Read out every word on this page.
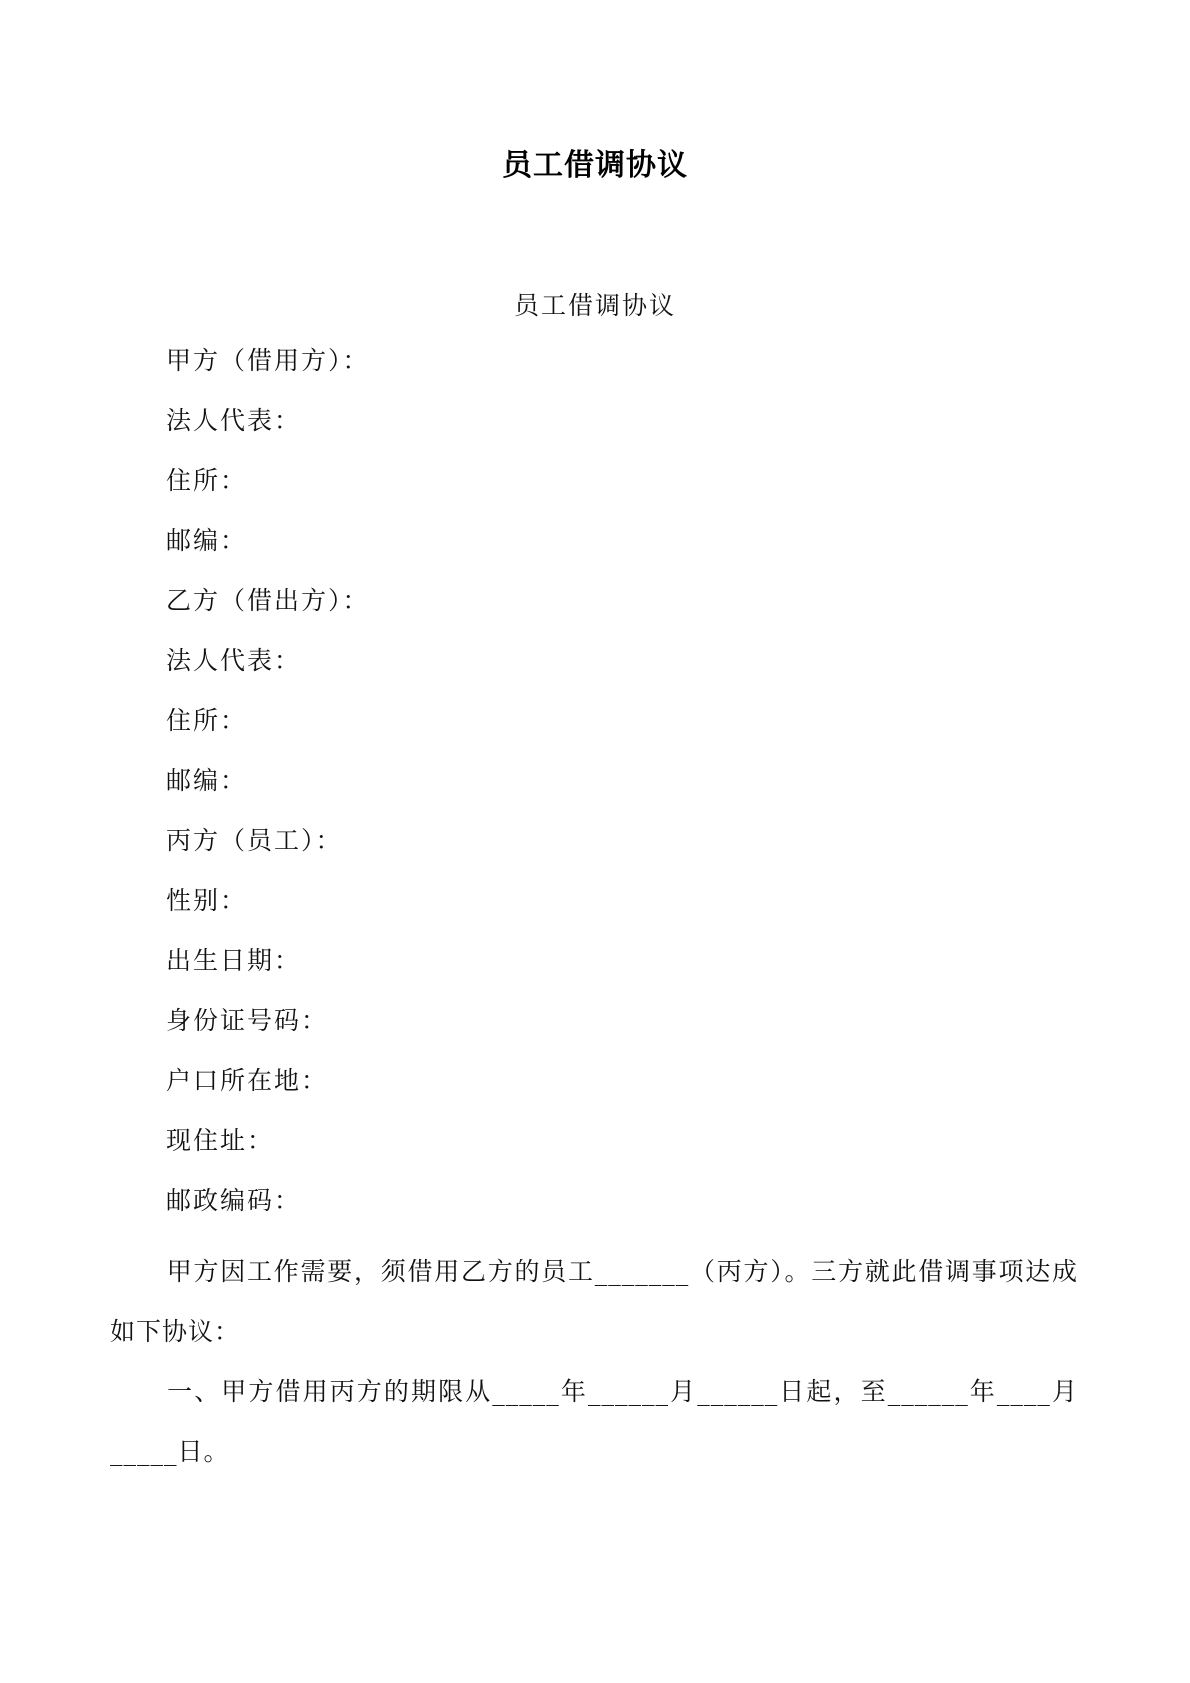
员工借调协议
员工借调协议
甲方（借用方）：
法人代表：
住所：
邮编：
乙方（借出方）：
法人代表：
住所：
邮编：
丙方（员工）：
性别：
出生日期：
身份证号码：
户口所在地：
现住址：
邮政编码：

甲方因工作需要，须借用乙方的员工_______（丙方）。三方就此借调事项达成如下协议：

一、甲方借用丙方的期限从_____年______月______日起，至______年____月_____日。
